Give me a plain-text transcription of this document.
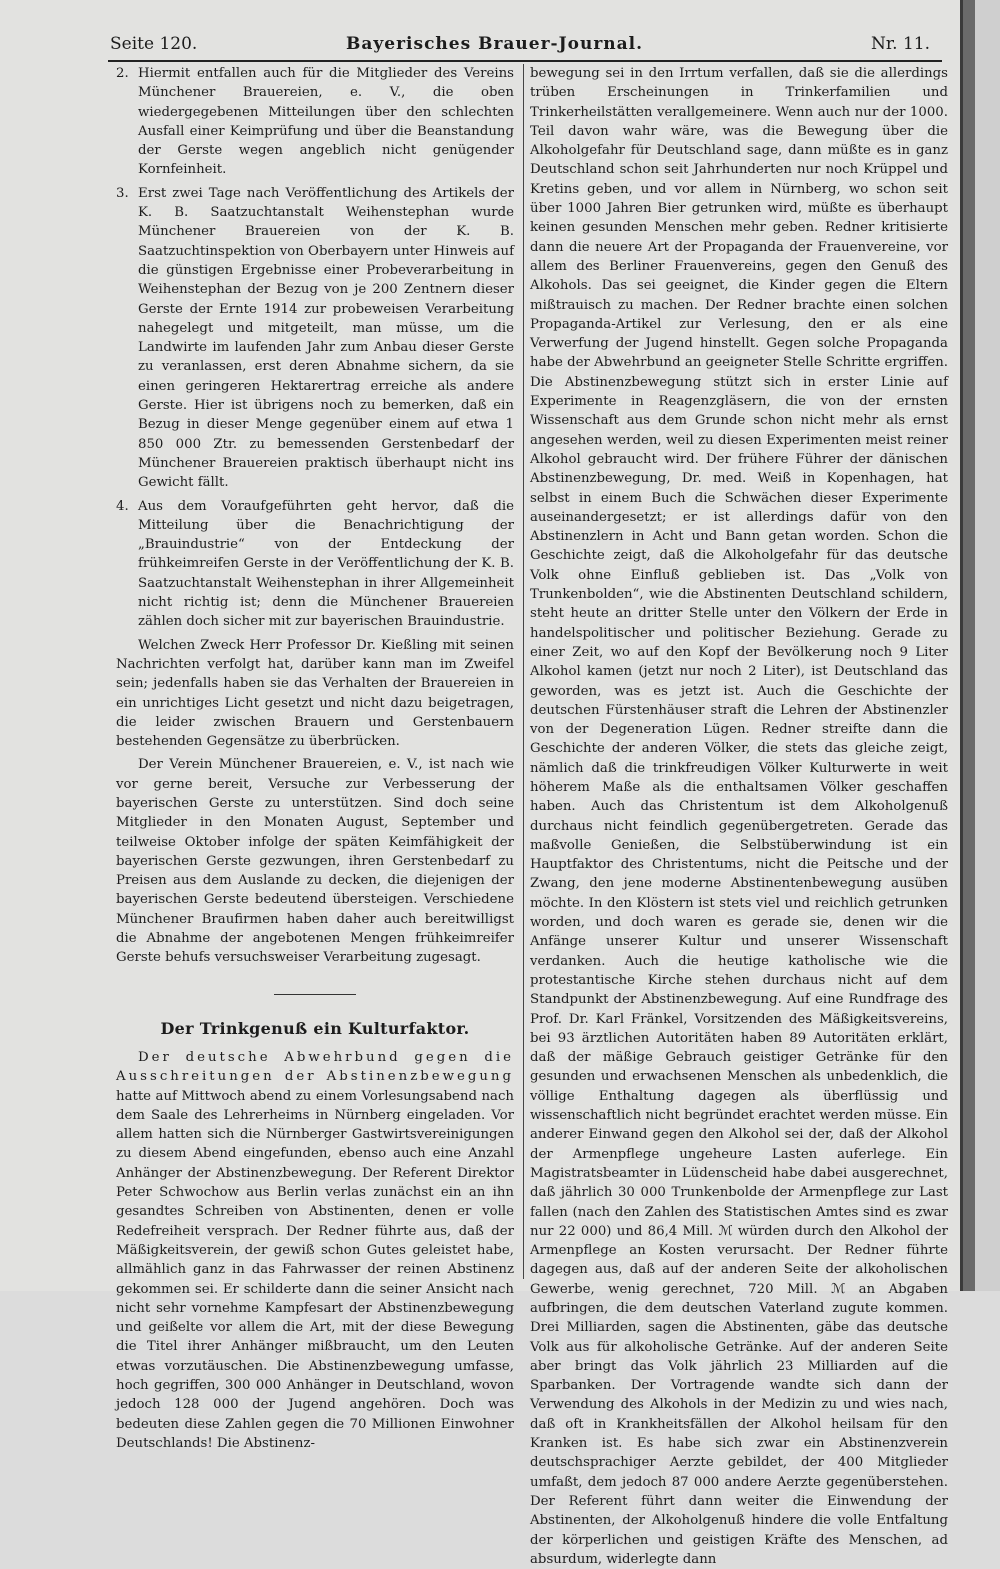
Seite 120.	Bayerisches Brauer-Journal.	Nr. 11.
2. Hiermit entfallen auch für die Mitglieder des Vereins Münchener Brauereien, e. V., die oben wiedergegebenen Mitteilungen über den schlechten Ausfall einer Keimprüfung und über die Beanstandung der Gerste wegen angeblich nicht genügender Kornfeinheit.
3. Erst zwei Tage nach Veröffentlichung des Artikels der K. B. Saatzuchtanstalt Weihenstephan wurde Münchener Brauereien von der K. B. Saatzuchtinspektion von Oberbayern unter Hinweis auf die günstigen Ergebnisse einer Probeverarbeitung in Weihenstephan der Bezug von je 200 Zentnern dieser Gerste der Ernte 1914 zur probeweisen Verarbeitung nahegelegt und mitgeteilt, man müsse, um die Landwirte im laufenden Jahr zum Anbau dieser Gerste zu veranlassen, erst deren Abnahme sichern, da sie einen geringeren Hektarertrag erreiche als andere Gerste. Hier ist übrigens noch zu bemerken, daß ein Bezug in dieser Menge gegenüber einem auf etwa 1 850 000 Ztr. zu bemessenden Gerstenbedarf der Münchener Brauereien praktisch überhaupt nicht ins Gewicht fällt.
4. Aus dem Voraufgeführten geht hervor, daß die Mitteilung über die Benachrichtigung der „Brauindustrie“ von der Entdeckung der frühkeimreifen Gerste in der Veröffentlichung der K. B. Saatzuchtanstalt Weihenstephan in ihrer Allgemeinheit nicht richtig ist; denn die Münchener Brauereien zählen doch sicher mit zur bayerischen Brauindustrie.

Welchen Zweck Herr Professor Dr. Kießling mit seinen Nachrichten verfolgt hat, darüber kann man im Zweifel sein; jedenfalls haben sie das Verhalten der Brauereien in ein unrichtiges Licht gesetzt und nicht dazu beigetragen, die leider zwischen Brauern und Gerstenbauern bestehenden Gegensätze zu überbrücken.

Der Verein Münchener Brauereien, e. V., ist nach wie vor gerne bereit, Versuche zur Verbesserung der bayerischen Gerste zu unterstützen. Sind doch seine Mitglieder in den Monaten August, September und teilweise Oktober infolge der späten Keimfähigkeit der bayerischen Gerste gezwungen, ihren Gerstenbedarf zu Preisen aus dem Auslande zu decken, die diejenigen der bayerischen Gerste bedeutend übersteigen. Verschiedene Münchener Braufirmen haben daher auch bereitwilligst die Abnahme der angebotenen Mengen frühkeimreifer Gerste behufs versuchsweiser Verarbeitung zugesagt.

Der Trinkgenuß ein Kulturfaktor.

Der deutsche Abwehrbund gegen die Ausschreitungen der Abstinenzbewegung hatte auf Mittwoch abend zu einem Vorlesungsabend nach dem Saale des Lehrerheims in Nürnberg eingeladen. Vor allem hatten sich die Nürnberger Gastwirtsvereinigungen zu diesem Abend eingefunden, ebenso auch eine Anzahl Anhänger der Abstinenzbewegung. Der Referent Direktor Peter Schwochow aus Berlin verlas zunächst ein an ihn gesandtes Schreiben von Abstinenten, denen er volle Redefreiheit versprach. Der Redner führte aus, daß der Mäßigkeitsverein, der gewiß schon Gutes geleistet habe, allmählich ganz in das Fahrwasser der reinen Abstinenz gekommen sei. Er schilderte dann die seiner Ansicht nach nicht sehr vornehme Kampfesart der Abstinenzbewegung und geißelte vor allem die Art, mit der diese Bewegung die Titel ihrer Anhänger mißbraucht, um den Leuten etwas vorzutäuschen. Die Abstinenzbewegung umfasse, hoch gegriffen, 300 000 Anhänger in Deutschland, wovon jedoch 128 000 der Jugend angehören. Doch was bedeuten diese Zahlen gegen die 70 Millionen Einwohner Deutschlands! Die Abstinenz-

bewegung sei in den Irrtum verfallen, daß sie die allerdings trüben Erscheinungen in Trinkerfamilien und Trinkerheilstätten verallgemeinere. Wenn auch nur der 1000. Teil davon wahr wäre, was die Bewegung über die Alkoholgefahr für Deutschland sage, dann müßte es in ganz Deutschland schon seit Jahrhunderten nur noch Krüppel und Kretins geben, und vor allem in Nürnberg, wo schon seit über 1000 Jahren Bier getrunken wird, müßte es überhaupt keinen gesunden Menschen mehr geben. Redner kritisierte dann die neuere Art der Propaganda der Frauenvereine, vor allem des Berliner Frauenvereins, gegen den Genuß des Alkohols. Das sei geeignet, die Kinder gegen die Eltern mißtrauisch zu machen. Der Redner brachte einen solchen Propaganda-Artikel zur Verlesung, den er als eine Verwerfung der Jugend hinstellt. Gegen solche Propaganda habe der Abwehrbund an geeigneter Stelle Schritte ergriffen. Die Abstinenzbewegung stützt sich in erster Linie auf Experimente in Reagenzgläsern, die von der ernsten Wissenschaft aus dem Grunde schon nicht mehr als ernst angesehen werden, weil zu diesen Experimenten meist reiner Alkohol gebraucht wird. Der frühere Führer der dänischen Abstinenzbewegung, Dr. med. Weiß in Kopenhagen, hat selbst in einem Buch die Schwächen dieser Experimente auseinandergesetzt; er ist allerdings dafür von den Abstinenzlern in Acht und Bann getan worden. Schon die Geschichte zeigt, daß die Alkoholgefahr für das deutsche Volk ohne Einfluß geblieben ist. Das „Volk von Trunkenbolden“, wie die Abstinenten Deutschland schildern, steht heute an dritter Stelle unter den Völkern der Erde in handelspolitischer und politischer Beziehung. Gerade zu einer Zeit, wo auf den Kopf der Bevölkerung noch 9 Liter Alkohol kamen (jetzt nur noch 2 Liter), ist Deutschland das geworden, was es jetzt ist. Auch die Geschichte der deutschen Fürstenhäuser straft die Lehren der Abstinenzler von der Degeneration Lügen. Redner streifte dann die Geschichte der anderen Völker, die stets das gleiche zeigt, nämlich daß die trinkfreudigen Völker Kulturwerte in weit höherem Maße als die enthaltsamen Völker geschaffen haben. Auch das Christentum ist dem Alkoholgenuß durchaus nicht feindlich gegenübergetreten. Gerade das maßvolle Genießen, die Selbstüberwindung ist ein Hauptfaktor des Christentums, nicht die Peitsche und der Zwang, den jene moderne Abstinentenbewegung ausüben möchte. In den Klöstern ist stets viel und reichlich getrunken worden, und doch waren es gerade sie, denen wir die Anfänge unserer Kultur und unserer Wissenschaft verdanken. Auch die heutige katholische wie die protestantische Kirche stehen durchaus nicht auf dem Standpunkt der Abstinenzbewegung. Auf eine Rundfrage des Prof. Dr. Karl Fränkel, Vorsitzenden des Mäßigkeitsvereins, bei 93 ärztlichen Autoritäten haben 89 Autoritäten erklärt, daß der mäßige Gebrauch geistiger Getränke für den gesunden und erwachsenen Menschen als unbedenklich, die völlige Enthaltung dagegen als überflüssig und wissenschaftlich nicht begründet erachtet werden müsse. Ein anderer Einwand gegen den Alkohol sei der, daß der Alkohol der Armenpflege ungeheure Lasten auferlege. Ein Magistratsbeamter in Lüdenscheid habe dabei ausgerechnet, daß jährlich 30 000 Trunkenbolde der Armenpflege zur Last fallen (nach den Zahlen des Statistischen Amtes sind es zwar nur 22 000) und 86,4 Mill. ℳ würden durch den Alkohol der Armenpflege an Kosten verursacht. Der Redner führte dagegen aus, daß auf der anderen Seite der alkoholischen Gewerbe, wenig gerechnet, 720 Mill. ℳ an Abgaben aufbringen, die dem deutschen Vaterland zugute kommen. Drei Milliarden, sagen die Abstinenten, gäbe das deutsche Volk aus für alkoholische Getränke. Auf der anderen Seite aber bringt das Volk jährlich 23 Milliarden auf die Sparbanken. Der Vortragende wandte sich dann der Verwendung des Alkohols in der Medizin zu und wies nach, daß oft in Krankheitsfällen der Alkohol heilsam für den Kranken ist. Es habe sich zwar ein Abstinenzverein deutschsprachiger Aerzte gebildet, der 400 Mitglieder umfaßt, dem jedoch 87 000 andere Aerzte gegenüberstehen. Der Referent führt dann weiter die Einwendung der Abstinenten, der Alkoholgenuß hindere die volle Entfaltung der körperlichen und geistigen Kräfte des Menschen, ad absurdum, widerlegte dann
